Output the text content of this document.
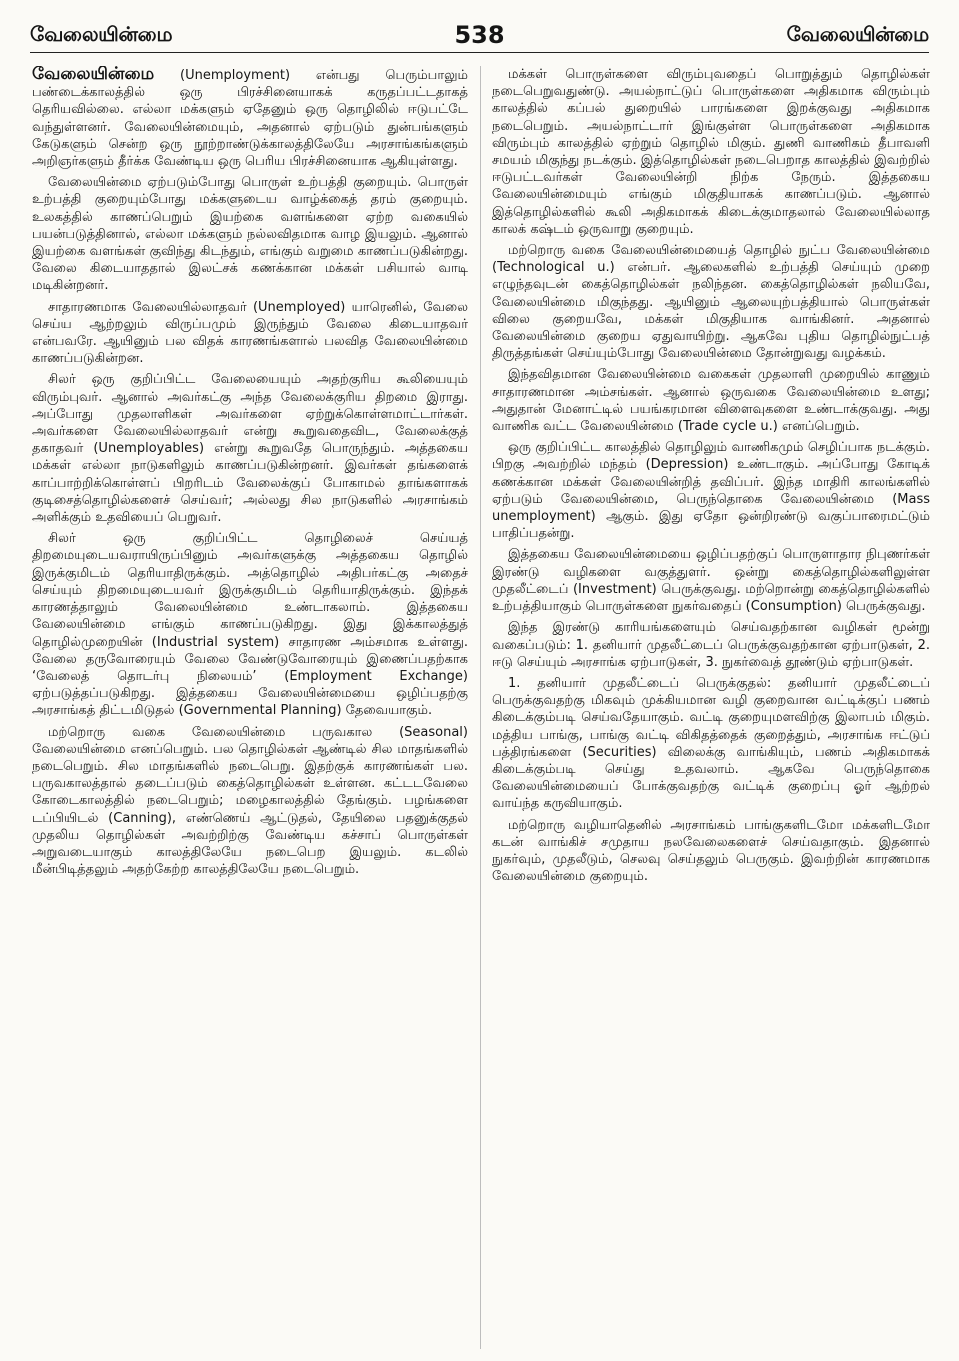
வேலையின்மை	538	வேலையின்மை

வேலையின்மை (Unemployment) என்பது பெரும்பாலும் பண்டைக்காலத்தில் ஒரு பிரச்சினையாகக் கருதப்பட்டதாகத் தெரியவில்லை. எல்லா மக்களும் ஏதேனும் ஒரு தொழிலில் ஈடுபட்டே வந்துள்ளனர். வேலையின்மையும், அதனால் ஏற்படும் துன்பங்களும் கேடுகளும் சென்ற ஒரு நூற்றாண்டுக்காலத்திலேயே அரசாங்கங்களும் அறிஞர்களும் தீர்க்க வேண்டிய ஒரு பெரிய பிரச்சினையாக ஆகியுள்ளது.

வேலையின்மை ஏற்படும்போது பொருள் உற்பத்தி குறையும். பொருள் உற்பத்தி குறையும்போது மக்களுடைய வாழ்க்கைத் தரம் குறையும். உலகத்தில் காணப்பெறும் இயற்கை வளங்களை ஏற்ற வகையில் பயன்படுத்தினால், எல்லா மக்களும் நல்லவிதமாக வாழ இயலும். ஆனால் இயற்கை வளங்கள் குவிந்து கிடந்தும், எங்கும் வறுமை காணப்படுகின்றது. வேலை கிடையாததால் இலட்சக் கணக்கான மக்கள் பசியால் வாடி மடிகின்றனர்.

சாதாரணமாக வேலையில்லாதவர் (Unemployed) யாரெனில், வேலை செய்ய ஆற்றலும் விருப்பமும் இருந்தும் வேலை கிடையாதவர் என்பவரே. ஆயினும் பல விதக் காரணங்களால் பலவித வேலையின்மை காணப்படுகின்றன.

சிலர் ஒரு குறிப்பிட்ட வேலையையும் அதற்குரிய கூலியையும் விரும்புவர். ஆனால் அவர்கட்கு அந்த வேலைக்குரிய திறமை இராது. அப்போது முதலாளிகள் அவர்களை ஏற்றுக்கொள்ளமாட்டார்கள். அவர்களை வேலையில்லாதவர் என்று கூறுவதைவிட, வேலைக்குத் தகாதவர் (Unemployables) என்று கூறுவதே பொருந்தும். அத்தகைய மக்கள் எல்லா நாடுகளிலும் காணப்படுகின்றனர். இவர்கள் தங்களைக் காப்பாற்றிக்கொள்ளப் பிறரிடம் வேலைக்குப் போகாமல் தாங்களாகக் குடிசைத்தொழில்களைச் செய்வர்; அல்லது சில நாடுகளில் அரசாங்கம் அளிக்கும் உதவியைப் பெறுவர்.

சிலர் ஒரு குறிப்பிட்ட தொழிலைச் செய்யத் திறமையுடையவராயிருப்பினும் அவர்களுக்கு அத்தகைய தொழில் இருக்குமிடம் தெரியாதிருக்கும். அத்தொழில் அதிபர்கட்கு அதைச் செய்யும் திறமையுடையவர் இருக்குமிடம் தெரியாதிருக்கும். இந்தக் காரணத்தாலும் வேலையின்மை உண்டாகலாம். இத்தகைய வேலையின்மை எங்கும் காணப்படுகிறது. இது இக்காலத்துத் தொழில்முறையின் (Industrial system) சாதாரண அம்சமாக உள்ளது. வேலை தருவோரையும் வேலை வேண்டுவோரையும் இணைப்பதற்காக ‘வேலைத் தொடர்பு நிலையம்’ (Employment Exchange) ஏற்படுத்தப்படுகிறது. இத்தகைய வேலையின்மையை ஒழிப்பதற்கு அரசாங்கத் திட்டமிடுதல் (Governmental Planning) தேவையாகும்.

மற்றொரு வகை வேலையின்மை பருவகால (Seasonal) வேலையின்மை எனப்பெறும். பல தொழில்கள் ஆண்டில் சில மாதங்களில் நடைபெறும். சில மாதங்களில் நடைபெறு. இதற்குக் காரணங்கள் பல. பருவகாலத்தால் தடைப்படும் கைத்தொழில்கள் உள்ளன. கட்டடவேலை கோடைகாலத்தில் நடைபெறும்; மழைகாலத்தில் தேங்கும். பழங்களை டப்பியிடல் (Canning), எண்ணெய் ஆட்டுதல், தேயிலை பதனுக்குதல் முதலிய தொழில்கள் அவற்றிற்கு வேண்டிய கச்சாப் பொருள்கள் அறுவடையாகும் காலத்திலேயே நடைபெற இயலும். கடலில் மீன்பிடித்தலும் அதற்கேற்ற காலத்திலேயே நடைபெறும்.

மக்கள் பொருள்களை விரும்புவதைப் பொறுத்தும் தொழில்கள் நடைபெறுவதுண்டு. அயல்நாட்டுப் பொருள்களை அதிகமாக விரும்பும் காலத்தில் கப்பல் துறையில் பாரங்களை இறக்குவது அதிகமாக நடைபெறும். அயல்நாட்டார் இங்குள்ள பொருள்களை அதிகமாக விரும்பும் காலத்தில் ஏற்றும் தொழில் மிகும். துணி வாணிகம் தீபாவளி சமயம் மிகுந்து நடக்கும். இத்தொழில்கள் நடைபெறாத காலத்தில் இவற்றில் ஈடுபட்டவர்கள் வேலையின்றி நிற்க நேரும். இத்தகைய வேலையின்மையும் எங்கும் மிகுதியாகக் காணப்படும். ஆனால் இத்தொழில்களில் கூலி அதிகமாகக் கிடைக்குமாதலால் வேலையில்லாத காலக் கஷ்டம் ஒருவாறு குறையும்.

மற்றொரு வகை வேலையின்மையைத் தொழில் நுட்ப வேலையின்மை (Technological u.) என்பர். ஆலைகளில் உற்பத்தி செய்யும் முறை எழுந்தவுடன் கைத்தொழில்கள் நலிந்தன. கைத்தொழில்கள் நலியவே, வேலையின்மை மிகுந்தது. ஆயினும் ஆலையுற்பத்தியால் பொருள்கள் விலை குறையவே, மக்கள் மிகுதியாக வாங்கினர். அதனால் வேலையின்மை குறைய ஏதுவாயிற்று. ஆகவே புதிய தொழில்நுட்பத் திருத்தங்கள் செய்யும்போது வேலையின்மை தோன்றுவது வழக்கம்.

இந்தவிதமான வேலையின்மை வகைகள் முதலாளி முறையில் காணும் சாதாரணமான அம்சங்கள். ஆனால் ஒருவகை வேலையின்மை உளது; அதுதான் மேனாட்டில் பயங்கரமான விளைவுகளை உண்டாக்குவது. அது வாணிக வட்ட வேலையின்மை (Trade cycle u.) எனப்பெறும்.

ஒரு குறிப்பிட்ட காலத்தில் தொழிலும் வாணிகமும் செழிப்பாக நடக்கும். பிறகு அவற்றில் மந்தம் (Depression) உண்டாகும். அப்போது கோடிக் கணக்கான மக்கள் வேலையின்றித் தவிப்பர். இந்த மாதிரி காலங்களில் ஏற்படும் வேலையின்மை, பெருந்தொகை வேலையின்மை (Mass unemployment) ஆகும். இது ஏதோ ஒன்றிரண்டு வகுப்பாரைமட்டும் பாதிப்பதன்று.

இத்தகைய வேலையின்மையை ஒழிப்பதற்குப் பொருளாதார நிபுணர்கள் இரண்டு வழிகளை வகுத்துளர். ஒன்று கைத்தொழில்களிலுள்ள முதலீட்டைப் (Investment) பெருக்குவது. மற்றொன்று கைத்தொழில்களில் உற்பத்தியாகும் பொருள்களை நுகர்வதைப் (Consumption) பெருக்குவது.

இந்த இரண்டு காரியங்களையும் செய்வதற்கான வழிகள் மூன்று வகைப்படும்: 1. தனியார் முதலீட்டைப் பெருக்குவதற்கான ஏற்பாடுகள், 2. ஈடு செய்யும் அரசாங்க ஏற்பாடுகள், 3. நுகர்வைத் தூண்டும் ஏற்பாடுகள்.

1. தனியார் முதலீட்டைப் பெருக்குதல்: தனியார் முதலீட்டைப் பெருக்குவதற்கு மிகவும் முக்கியமான வழி குறைவான வட்டிக்குப் பணம் கிடைக்கும்படி செய்வதேயாகும். வட்டி குறையுமளவிற்கு இலாபம் மிகும். மத்திய பாங்கு, பாங்கு வட்டி விகிதத்தைக் குறைத்தும், அரசாங்க ஈட்டுப் பத்திரங்களை (Securities) விலைக்கு வாங்கியும், பணம் அதிகமாகக் கிடைக்கும்படி செய்து உதவலாம். ஆகவே பெருந்தொகை வேலையின்மையைப் போக்குவதற்கு வட்டிக் குறைப்பு ஓர் ஆற்றல் வாய்ந்த கருவியாகும்.

மற்றொரு வழியாதெனில் அரசாங்கம் பாங்குகளிடமோ மக்களிடமோ கடன் வாங்கிச் சமுதாய நலவேலைகளைச் செய்வதாகும். இதனால் நுகர்வும், முதலீடும், செலவு செய்தலும் பெருகும். இவற்றின் காரணமாக வேலையின்மை குறையும்.
